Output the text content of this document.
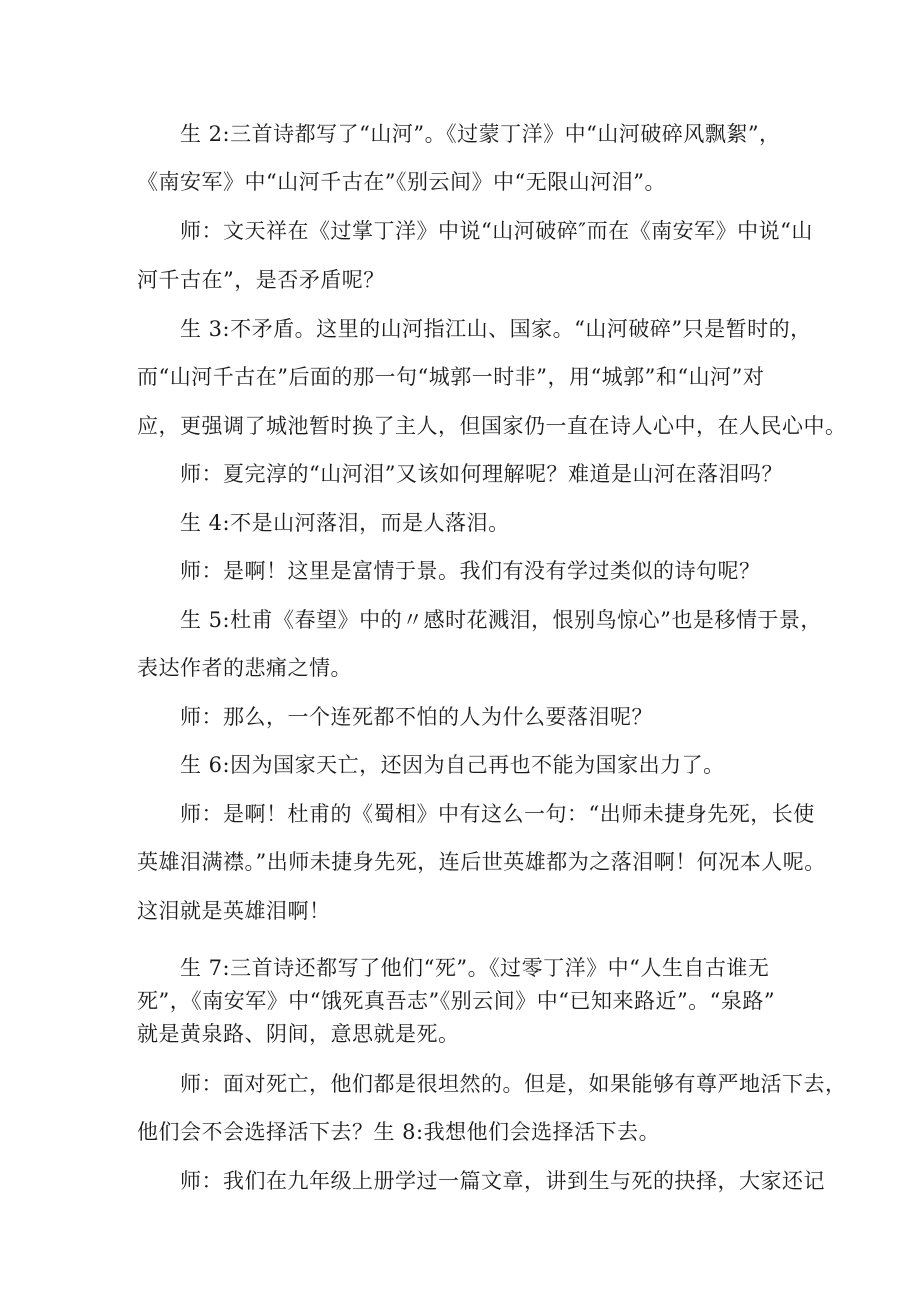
生 2:三首诗都写了“山河”。《过蒙丁洋》中“山河破碎风飘絮”，
《南安军》中“山河千古在”《别云间》中“无限山河泪”。
师：文天祥在《过掌丁洋》中说“山河破碎″而在《南安军》中说“山
河千古在”，是否矛盾呢？
生 3:不矛盾。这里的山河指江山、国家。“山河破碎”只是暂时的，
而“山河千古在”后面的那一句“城郭一时非”，用“城郭”和“山河”对
应，更强调了城池暂时换了主人，但国家仍一直在诗人心中，在人民心中。
师：夏完淳的“山河泪”又该如何理解呢？难道是山河在落泪吗？
生 4:不是山河落泪，而是人落泪。
师：是啊！这里是富情于景。我们有没有学过类似的诗句呢？
生 5:杜甫《春望》中的〃感时花溅泪，恨别鸟惊心”也是移情于景，
表达作者的悲痛之情。
师：那么，一个连死都不怕的人为什么要落泪呢？
生 6:因为国家天亡，还因为自己再也不能为国家出力了。
师：是啊！杜甫的《蜀相》中有这么一句：“出师未捷身先死，长使
英雄泪满襟。”出师未捷身先死，连后世英雄都为之落泪啊！何况本人呢。
这泪就是英雄泪啊！
生 7:三首诗还都写了他们“死”。《过零丁洋》中“人生自古谁无
死”，《南安军》中“饿死真吾志”《别云间》中“已知来路近”。“泉路”
就是黄泉路、阴间，意思就是死。
师：面对死亡，他们都是很坦然的。但是，如果能够有尊严地活下去，
他们会不会选择活下去？生 8:我想他们会选择活下去。
师：我们在九年级上册学过一篇文章，讲到生与死的抉择，大家还记
